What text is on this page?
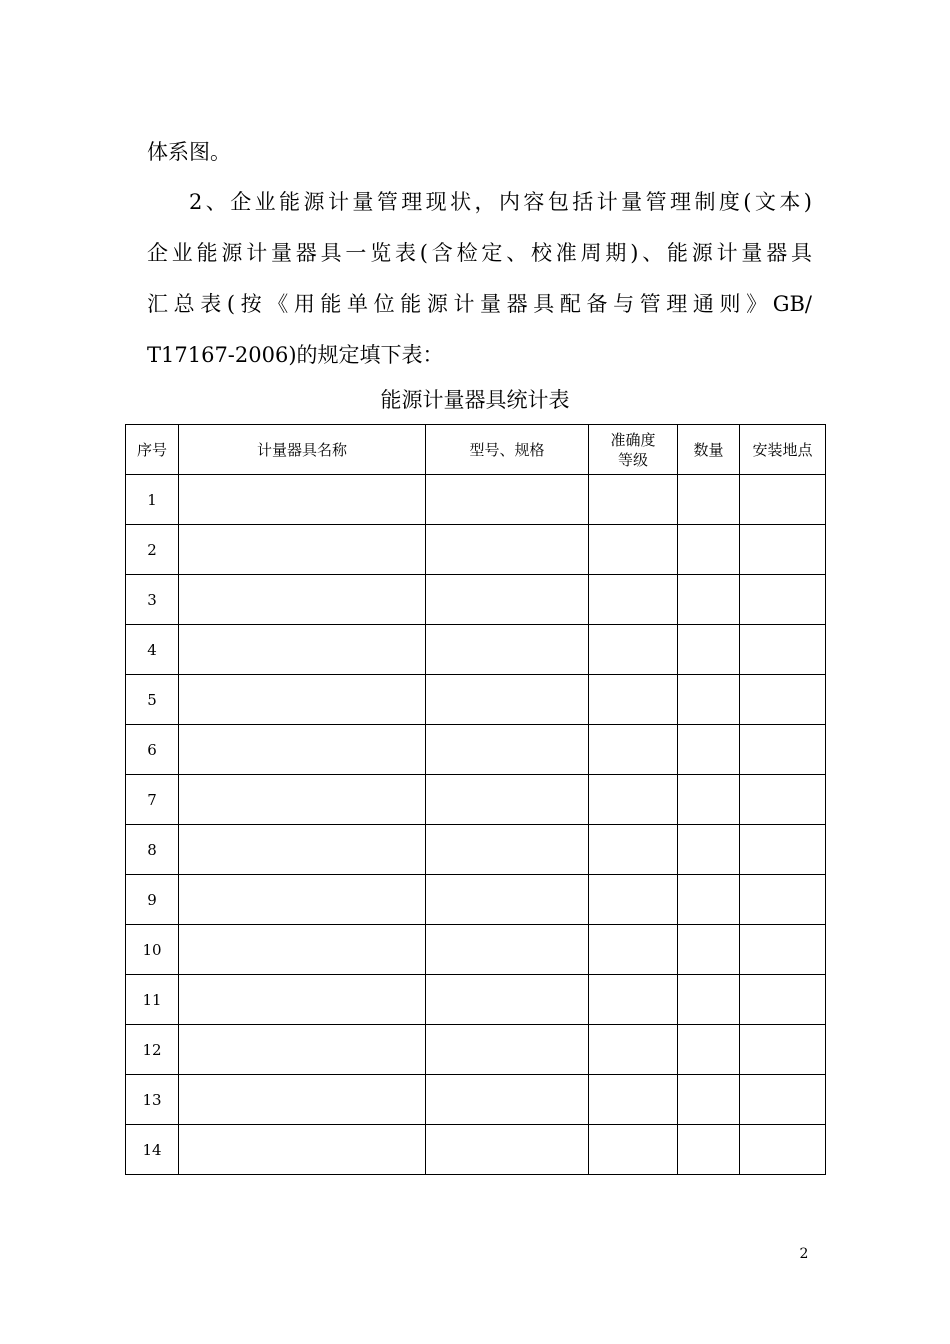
体系图。

2、企业能源计量管理现状，内容包括计量管理制度(文本)
企业能源计量器具一览表(含检定、校准周期)、能源计量器具
汇总表(按《用能单位能源计量器具配备与管理通则》GB/
T17167-2006)的规定填下表：

能源计量器具统计表
序号	计量器具名称	型号、规格	准确度
等级	数量	安装地点
1					
2					
3					
4					
5					
6					
7					
8					
9					
10					
11					
12					
13					
14					
2
